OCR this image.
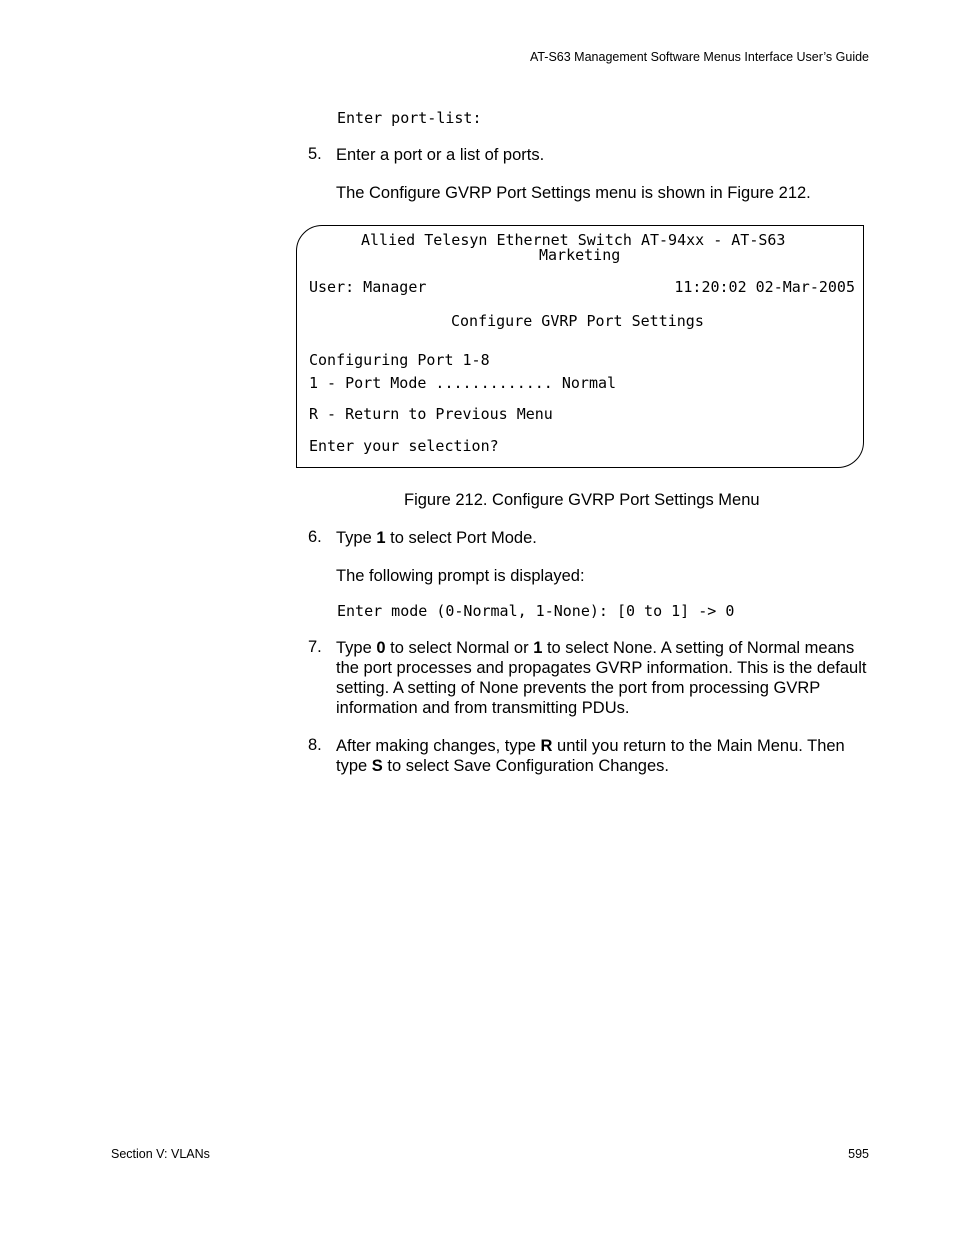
AT-S63 Management Software Menus Interface User’s Guide
Enter port-list:
5. Enter a port or a list of ports.
The Configure GVRP Port Settings menu is shown in Figure 212.
Allied Telesyn Ethernet Switch AT-94xx - AT-S63
Marketing
User: Manager	11:20:02 02-Mar-2005
Configure GVRP Port Settings
Configuring Port 1-8
1 - Port Mode ............. Normal
R - Return to Previous Menu
Enter your selection?
Figure 212. Configure GVRP Port Settings Menu
6. Type 1 to select Port Mode.
The following prompt is displayed:
Enter mode (0-Normal, 1-None): [0 to 1] -> 0
7. Type 0 to select Normal or 1 to select None. A setting of Normal means the port processes and propagates GVRP information. This is the default setting. A setting of None prevents the port from processing GVRP information and from transmitting PDUs.
8. After making changes, type R until you return to the Main Menu. Then type S to select Save Configuration Changes.
Section V: VLANs	595
